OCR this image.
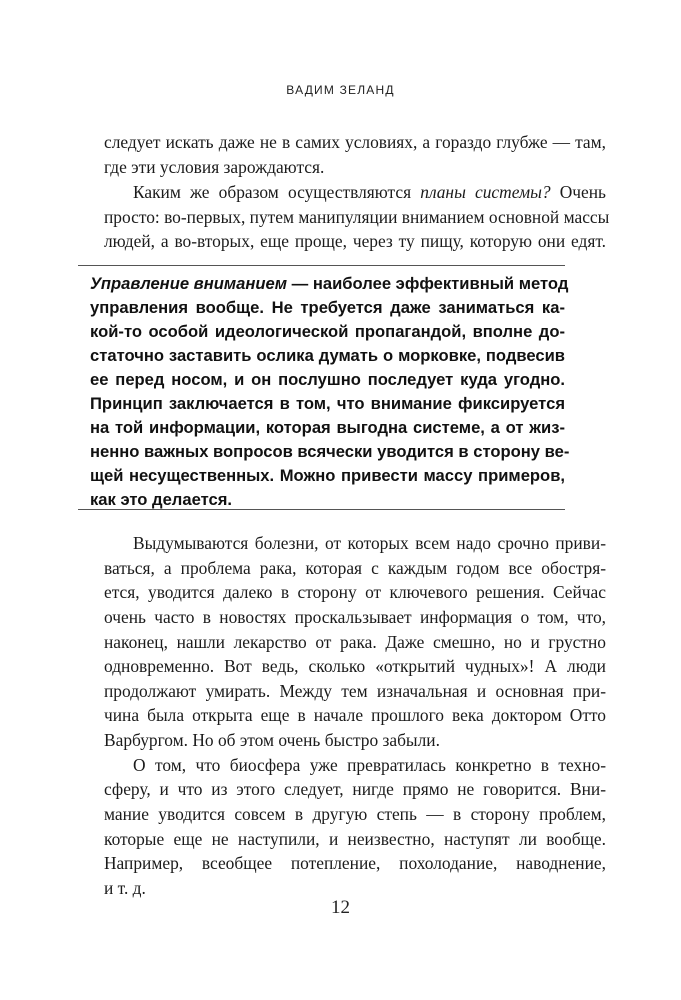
ВАДИМ ЗЕЛАНД
следует искать даже не в самих условиях, а гораздо глубже — там,
где эти условия зарождаются.
Каким же образом осуществляются планы системы? Очень
просто: во-первых, путем манипуляции вниманием основной массы
людей, а во-вторых, еще проще, через ту пищу, которую они едят.
Управление вниманием — наиболее эффективный метод
управления вообще. Не требуется даже заниматься ка-
кой-то особой идеологической пропагандой, вполне до-
статочно заставить ослика думать о морковке, подвесив
ее перед носом, и он послушно последует куда угодно.
Принцип заключается в том, что внимание фиксируется
на той информации, которая выгодна системе, а от жиз-
ненно важных вопросов всячески уводится в сторону ве-
щей несущественных. Можно привести массу примеров,
как это делается.
Выдумываются болезни, от которых всем надо срочно приви-
ваться, а проблема рака, которая с каждым годом все обостря-
ется, уводится далеко в сторону от ключевого решения. Сейчас
очень часто в новостях проскальзывает информация о том, что,
наконец, нашли лекарство от рака. Даже смешно, но и грустно
одновременно. Вот ведь, сколько «открытий чудных»! А люди
продолжают умирать. Между тем изначальная и основная при-
чина была открыта еще в начале прошлого века доктором Отто
Варбургом. Но об этом очень быстро забыли.
О том, что биосфера уже превратилась конкретно в техно-
сферу, и что из этого следует, нигде прямо не говорится. Вни-
мание уводится совсем в другую степь — в сторону проблем,
которые еще не наступили, и неизвестно, наступят ли вообще.
Например, всеобщее потепление, похолодание, наводнение,
и т. д.
12
